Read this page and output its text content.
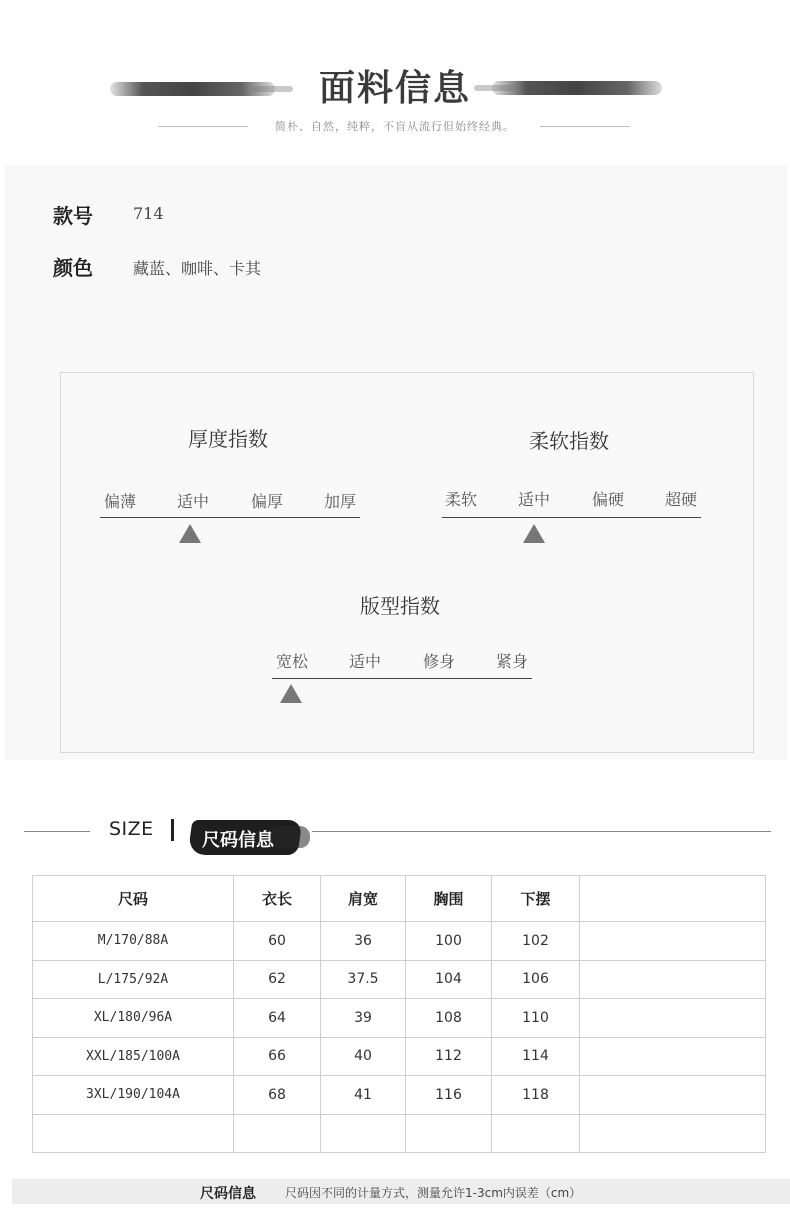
面料信息
简朴、自然，纯粹，不盲从流行但始终经典。
款号	714
颜色	藏蓝、咖啡、卡其
厚度指数
偏薄	适中	偏厚	加厚
柔软指数
柔软	适中	偏硬	超硬
版型指数
宽松	适中	修身	紧身
SIZE
尺码信息
尺码	衣长	肩宽	胸围	下摆	
M/170/88A	60	36	100	102	
L/175/92A	62	37.5	104	106	
XL/180/96A	64	39	108	110	
XXL/185/100A	66	40	112	114	
3XL/190/104A	68	41	116	118	

尺码信息 尺码因不同的计量方式，测量允许1-3cm内误差（cm）
